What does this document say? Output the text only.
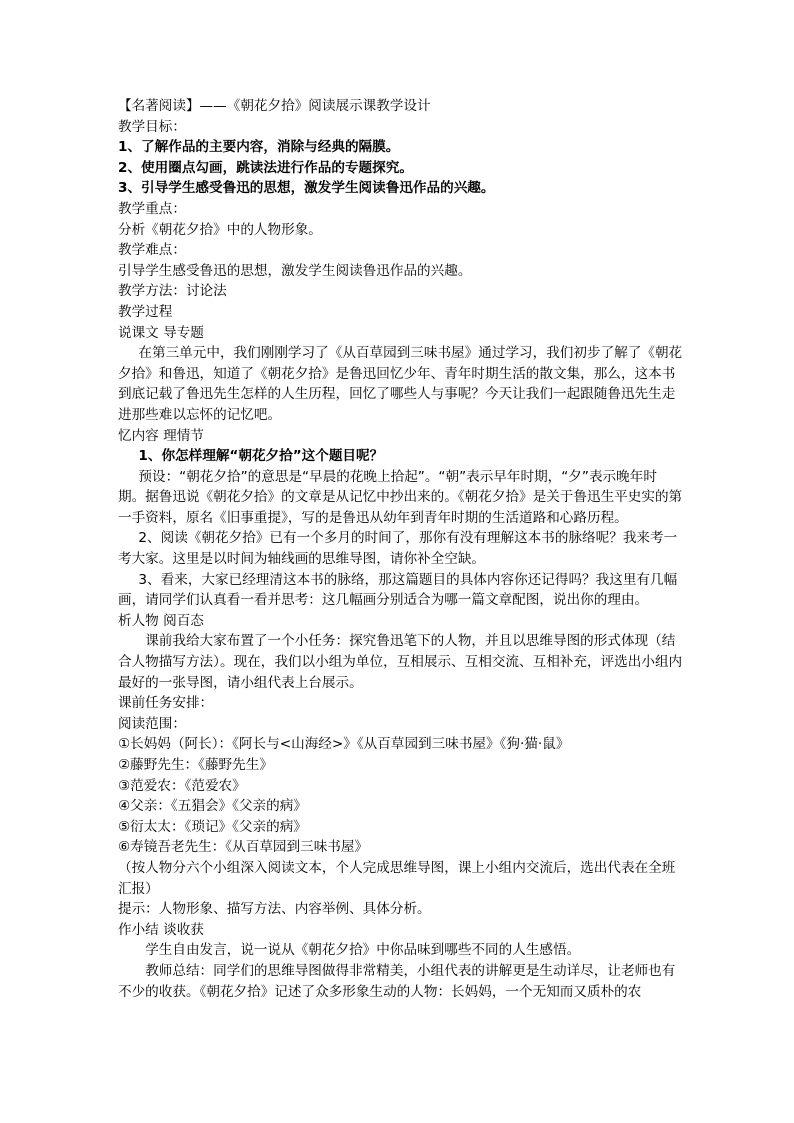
【名著阅读】——《朝花夕拾》阅读展示课教学设计

教学目标：

1、了解作品的主要内容，消除与经典的隔膜。

2、使用圈点勾画，跳读法进行作品的专题探究。

3、引导学生感受鲁迅的思想，激发学生阅读鲁迅作品的兴趣。

教学重点：

分析《朝花夕拾》中的人物形象。

教学难点：

引导学生感受鲁迅的思想，激发学生阅读鲁迅作品的兴趣。

教学方法：讨论法

教学过程

说课文 导专题

在第三单元中，我们刚刚学习了《从百草园到三味书屋》通过学习，我们初步了解了《朝花夕拾》和鲁迅，知道了《朝花夕拾》是鲁迅回忆少年、青年时期生活的散文集，那么，这本书到底记载了鲁迅先生怎样的人生历程，回忆了哪些人与事呢？今天让我们一起跟随鲁迅先生走进那些难以忘怀的记忆吧。

忆内容 理情节

1、你怎样理解“朝花夕拾”这个题目呢？

预设：“朝花夕拾”的意思是“早晨的花晚上拾起”。“朝”表示早年时期，“夕”表示晚年时期。据鲁迅说《朝花夕拾》的文章是从记忆中抄出来的。《朝花夕拾》是关于鲁迅生平史实的第一手资料，原名《旧事重提》，写的是鲁迅从幼年到青年时期的生活道路和心路历程。

2、阅读《朝花夕拾》已有一个多月的时间了，那你有没有理解这本书的脉络呢？我来考一考大家。这里是以时间为轴线画的思维导图，请你补全空缺。

3、看来，大家已经理清这本书的脉络，那这篇题目的具体内容你还记得吗？我这里有几幅画，请同学们认真看一看并思考：这几幅画分别适合为哪一篇文章配图，说出你的理由。

析人物 阅百态

课前我给大家布置了一个小任务：探究鲁迅笔下的人物，并且以思维导图的形式体现（结合人物描写方法）。现在，我们以小组为单位，互相展示、互相交流、互相补充，评选出小组内最好的一张导图，请小组代表上台展示。

课前任务安排：

阅读范围：

①长妈妈（阿长）：《阿长与<山海经>》《从百草园到三味书屋》《狗·猫·鼠》

②藤野先生：《藤野先生》

③范爱农：《范爱农》

④父亲：《五猖会》《父亲的病》

⑤衍太太：《琐记》《父亲的病》

⑥寿镜吾老先生：《从百草园到三味书屋》

（按人物分六个小组深入阅读文本，个人完成思维导图，课上小组内交流后，选出代表在全班汇报）

提示：人物形象、描写方法、内容举例、具体分析。

作小结 谈收获

学生自由发言，说一说从《朝花夕拾》中你品味到哪些不同的人生感悟。

教师总结：同学们的思维导图做得非常精美，小组代表的讲解更是生动详尽，让老师也有不少的收获。《朝花夕拾》记述了众多形象生动的人物：长妈妈，一个无知而又质朴的农
